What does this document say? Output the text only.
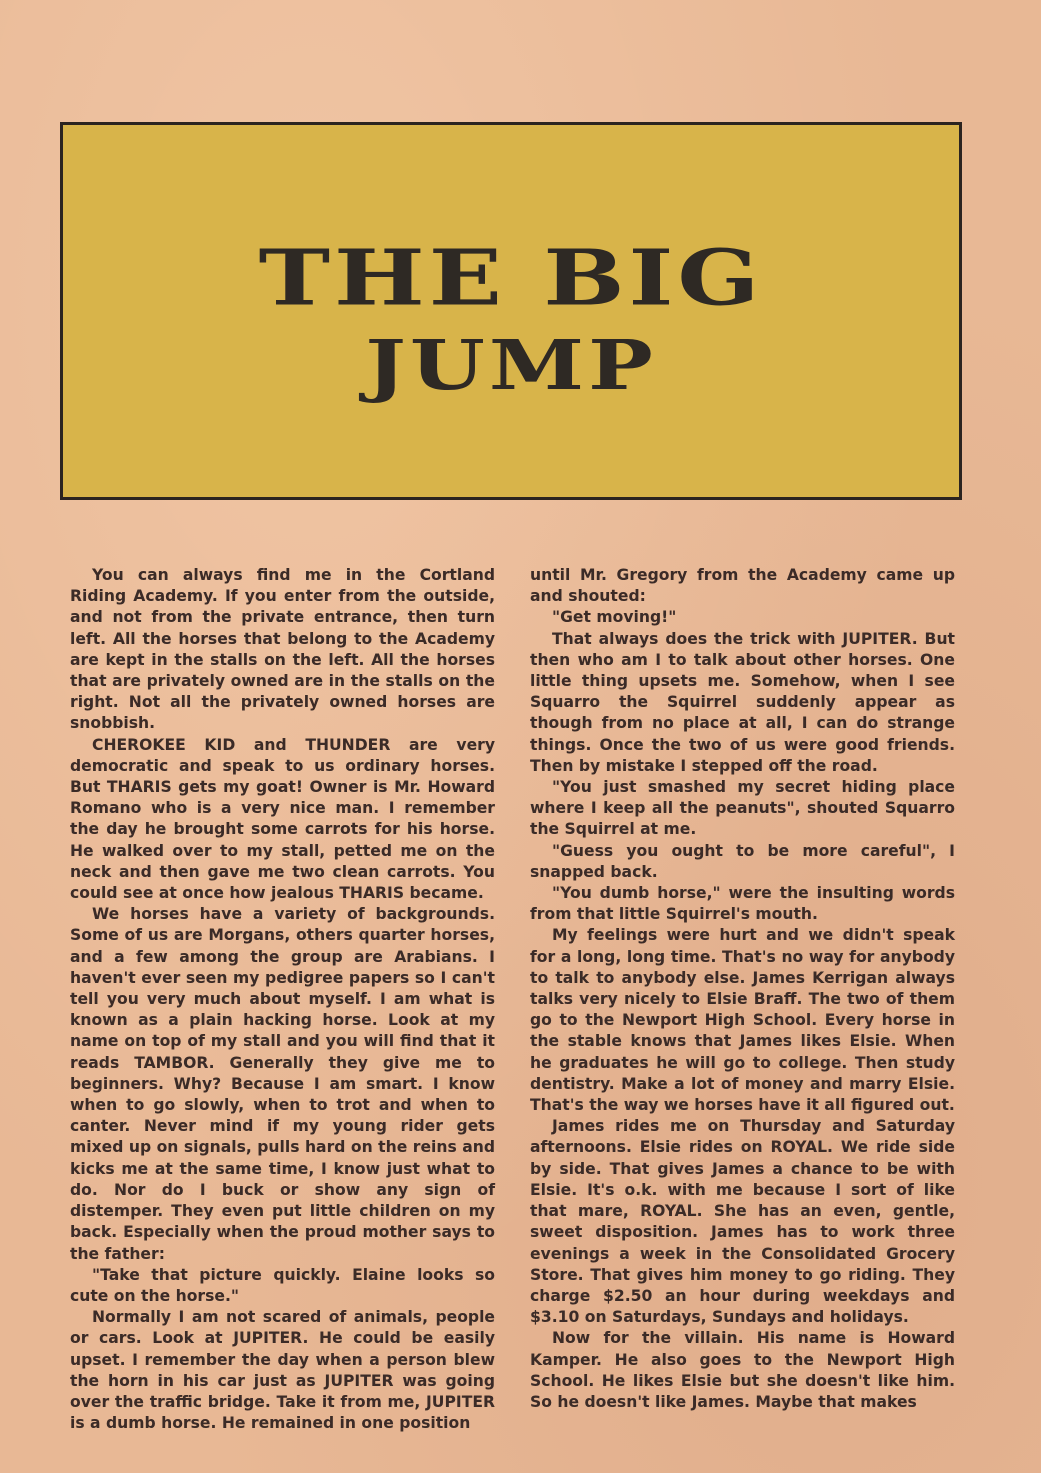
THE BIG
JUMP

You can always find me in the Cortland Riding Academy. If you enter from the outside, and not from the private entrance, then turn left. All the horses that belong to the Academy are kept in the stalls on the left. All the horses that are privately owned are in the stalls on the right. Not all the privately owned horses are snobbish.

CHEROKEE KID and THUNDER are very democratic and speak to us ordinary horses. But THARIS gets my goat! Owner is Mr. Howard Romano who is a very nice man. I remember the day he brought some carrots for his horse. He walked over to my stall, petted me on the neck and then gave me two clean carrots. You could see at once how jealous THARIS became.

We horses have a variety of backgrounds. Some of us are Morgans, others quarter horses, and a few among the group are Arabians. I haven't ever seen my pedigree papers so I can't tell you very much about myself. I am what is known as a plain hacking horse. Look at my name on top of my stall and you will find that it reads TAMBOR. Generally they give me to beginners. Why? Because I am smart. I know when to go slowly, when to trot and when to canter. Never mind if my young rider gets mixed up on signals, pulls hard on the reins and kicks me at the same time, I know just what to do. Nor do I buck or show any sign of distemper. They even put little children on my back. Especially when the proud mother says to the father:

"Take that picture quickly. Elaine looks so cute on the horse."

Normally I am not scared of animals, people or cars. Look at JUPITER. He could be easily upset. I remember the day when a person blew the horn in his car just as JUPITER was going over the traffic bridge. Take it from me, JUPITER is a dumb horse. He remained in one position

until Mr. Gregory from the Academy came up and shouted:

"Get moving!"

That always does the trick with JUPITER. But then who am I to talk about other horses. One little thing upsets me. Somehow, when I see Squarro the Squirrel suddenly appear as though from no place at all, I can do strange things. Once the two of us were good friends. Then by mistake I stepped off the road.

"You just smashed my secret hiding place where I keep all the peanuts", shouted Squarro the Squirrel at me.

"Guess you ought to be more careful", I snapped back.

"You dumb horse," were the insulting words from that little Squirrel's mouth.

My feelings were hurt and we didn't speak for a long, long time. That's no way for anybody to talk to anybody else. James Kerrigan always talks very nicely to Elsie Braff. The two of them go to the Newport High School. Every horse in the stable knows that James likes Elsie. When he graduates he will go to college. Then study dentistry. Make a lot of money and marry Elsie. That's the way we horses have it all figured out.

James rides me on Thursday and Saturday afternoons. Elsie rides on ROYAL. We ride side by side. That gives James a chance to be with Elsie. It's o.k. with me because I sort of like that mare, ROYAL. She has an even, gentle, sweet disposition. James has to work three evenings a week in the Consolidated Grocery Store. That gives him money to go riding. They charge $2.50 an hour during weekdays and $3.10 on Saturdays, Sundays and holidays.

Now for the villain. His name is Howard Kamper. He also goes to the Newport High School. He likes Elsie but she doesn't like him. So he doesn't like James. Maybe that makes
